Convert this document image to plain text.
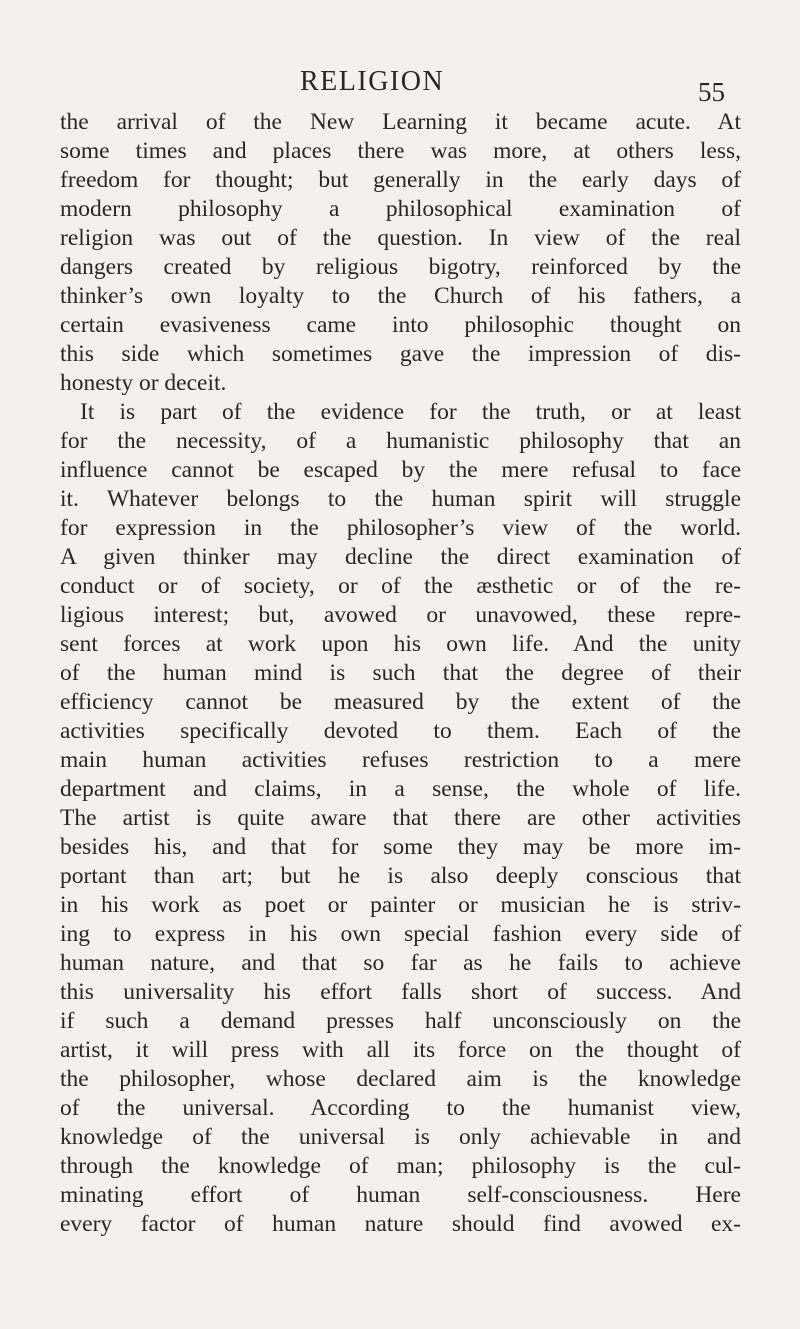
RELIGION	55
the arrival of the New Learning it became acute. At
some times and places there was more, at others less,
freedom for thought; but generally in the early days of
modern philosophy a philosophical examination of
religion was out of the question. In view of the real
dangers created by religious bigotry, reinforced by the
thinker’s own loyalty to the Church of his fathers, a
certain evasiveness came into philosophic thought on
this side which sometimes gave the impression of dis-
honesty or deceit.
It is part of the evidence for the truth, or at least
for the necessity, of a humanistic philosophy that an
influence cannot be escaped by the mere refusal to face
it. Whatever belongs to the human spirit will struggle
for expression in the philosopher’s view of the world.
A given thinker may decline the direct examination of
conduct or of society, or of the æsthetic or of the re-
ligious interest; but, avowed or unavowed, these repre-
sent forces at work upon his own life. And the unity
of the human mind is such that the degree of their
efficiency cannot be measured by the extent of the
activities specifically devoted to them. Each of the
main human activities refuses restriction to a mere
department and claims, in a sense, the whole of life.
The artist is quite aware that there are other activities
besides his, and that for some they may be more im-
portant than art; but he is also deeply conscious that
in his work as poet or painter or musician he is striv-
ing to express in his own special fashion every side of
human nature, and that so far as he fails to achieve
this universality his effort falls short of success. And
if such a demand presses half unconsciously on the
artist, it will press with all its force on the thought of
the philosopher, whose declared aim is the knowledge
of the universal. According to the humanist view,
knowledge of the universal is only achievable in and
through the knowledge of man; philosophy is the cul-
minating effort of human self-consciousness. Here
every factor of human nature should find avowed ex-
